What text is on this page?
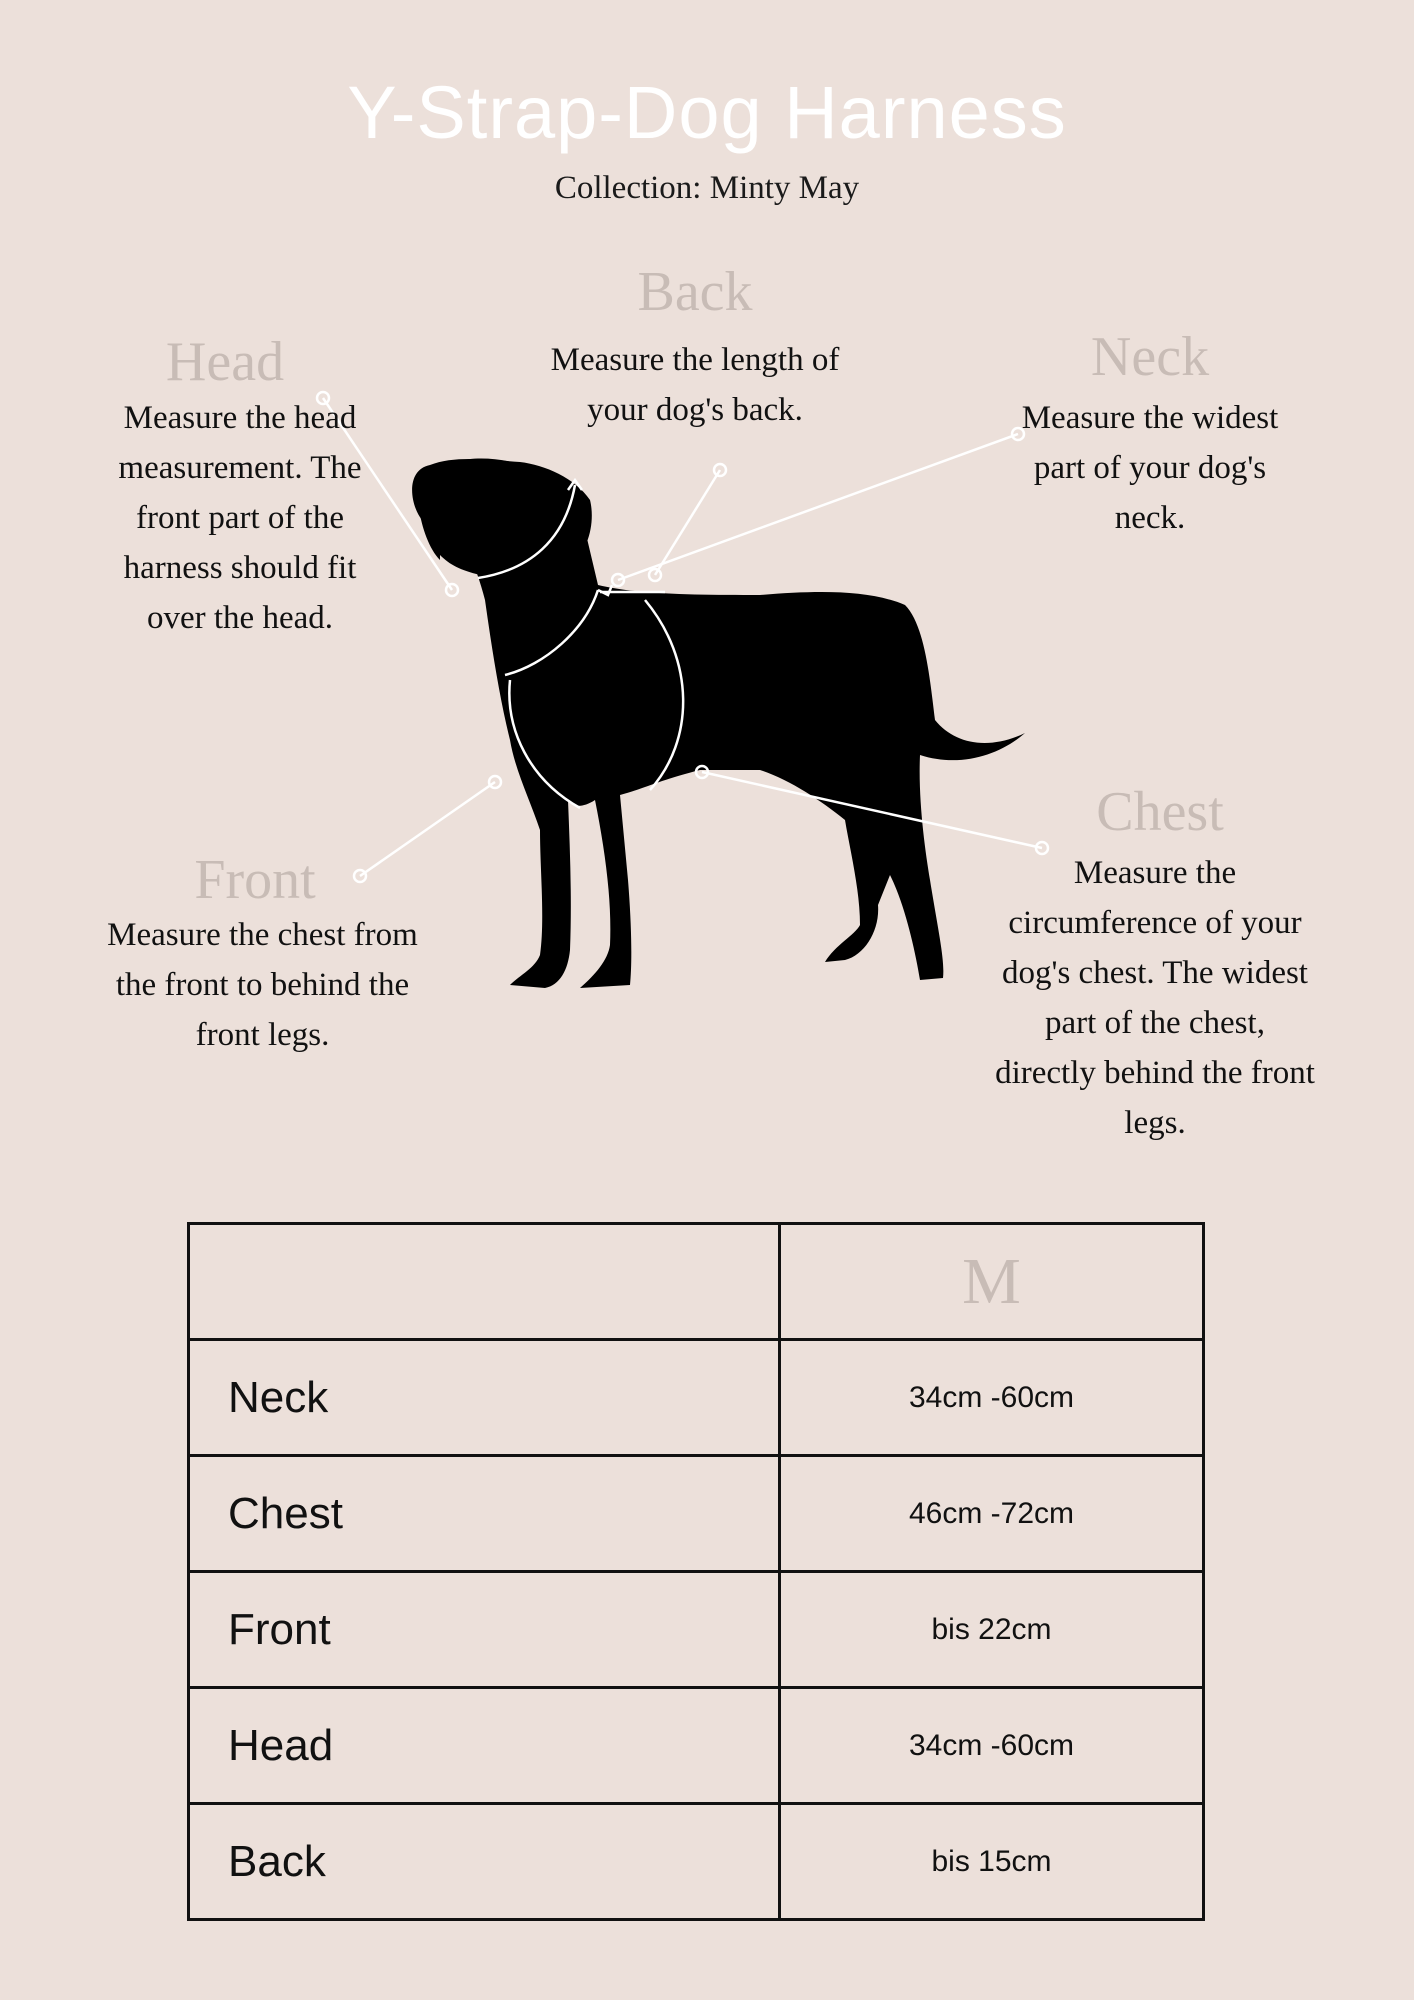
Y-Strap-Dog Harness
Collection: Minty May
Back
Measure the length of your dog's back.
Head
Measure the head measurement. The front part of the harness should fit over the head.
Neck
Measure the widest part of your dog's neck.
Front
Measure the chest from the front to behind the front legs.
Chest
Measure the circumference of your dog's chest. The widest part of the chest, directly behind the front legs.
	M
Neck	34cm -60cm
Chest	46cm -72cm
Front	bis 22cm
Head	34cm -60cm
Back	bis 15cm
